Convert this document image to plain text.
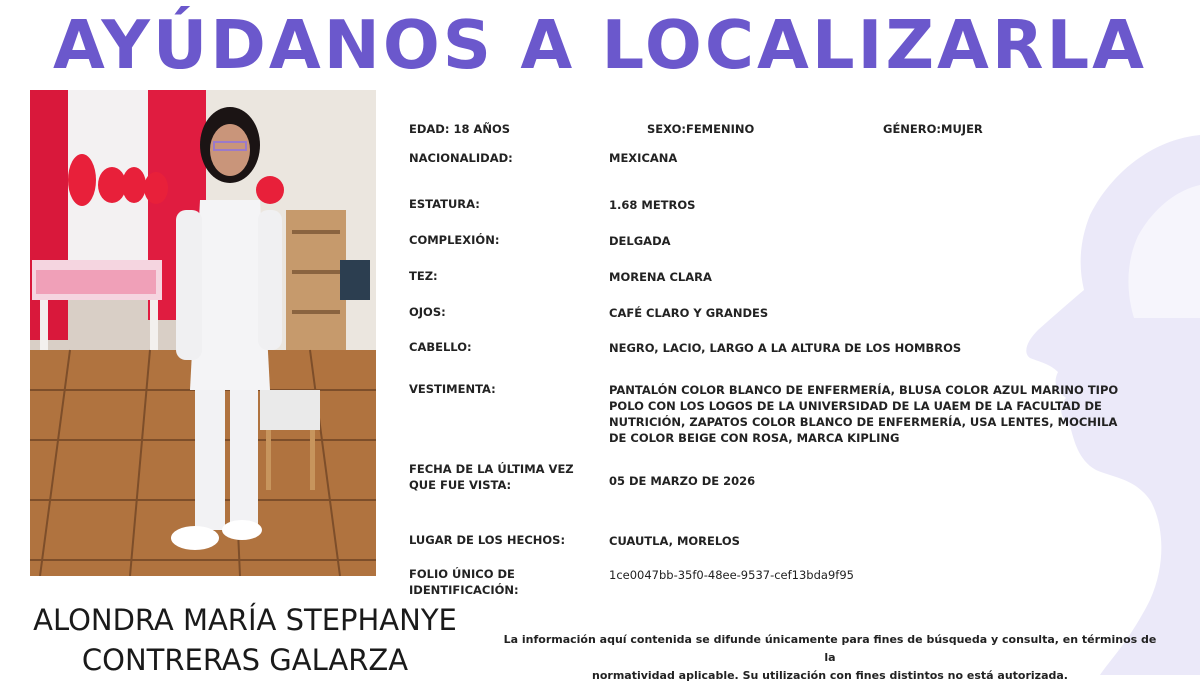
AYÚDANOS A LOCALIZARLA
ALONDRA MARÍA STEPHANYE
CONTRERAS GALARZA
EDAD: 18 AÑOS	SEXO:FEMENINO	GÉNERO:MUJER
NACIONALIDAD:	MEXICANA
ESTATURA:	1.68 METROS
COMPLEXIÓN:	DELGADA
TEZ:	MORENA CLARA
OJOS:	CAFÉ CLARO Y GRANDES
CABELLO:	NEGRO, LACIO, LARGO A LA ALTURA DE LOS HOMBROS
VESTIMENTA:	PANTALÓN COLOR BLANCO DE ENFERMERÍA, BLUSA COLOR AZUL MARINO TIPO
POLO CON LOS LOGOS DE LA UNIVERSIDAD DE LA UAEM DE LA FACULTAD DE
NUTRICIÓN, ZAPATOS COLOR BLANCO DE ENFERMERÍA, USA LENTES, MOCHILA
DE COLOR BEIGE CON ROSA, MARCA KIPLING
FECHA DE LA ÚLTIMA VEZ
QUE FUE VISTA:	05 DE MARZO DE 2026
LUGAR DE LOS HECHOS:	CUAUTLA, MORELOS
FOLIO ÚNICO DE
IDENTIFICACIÓN:
1ce0047bb-35f0-48ee-9537-cef13bda9f95
La información aquí contenida se difunde únicamente para fines de búsqueda y consulta, en términos de la
normatividad aplicable. Su utilización con fines distintos no está autorizada.
